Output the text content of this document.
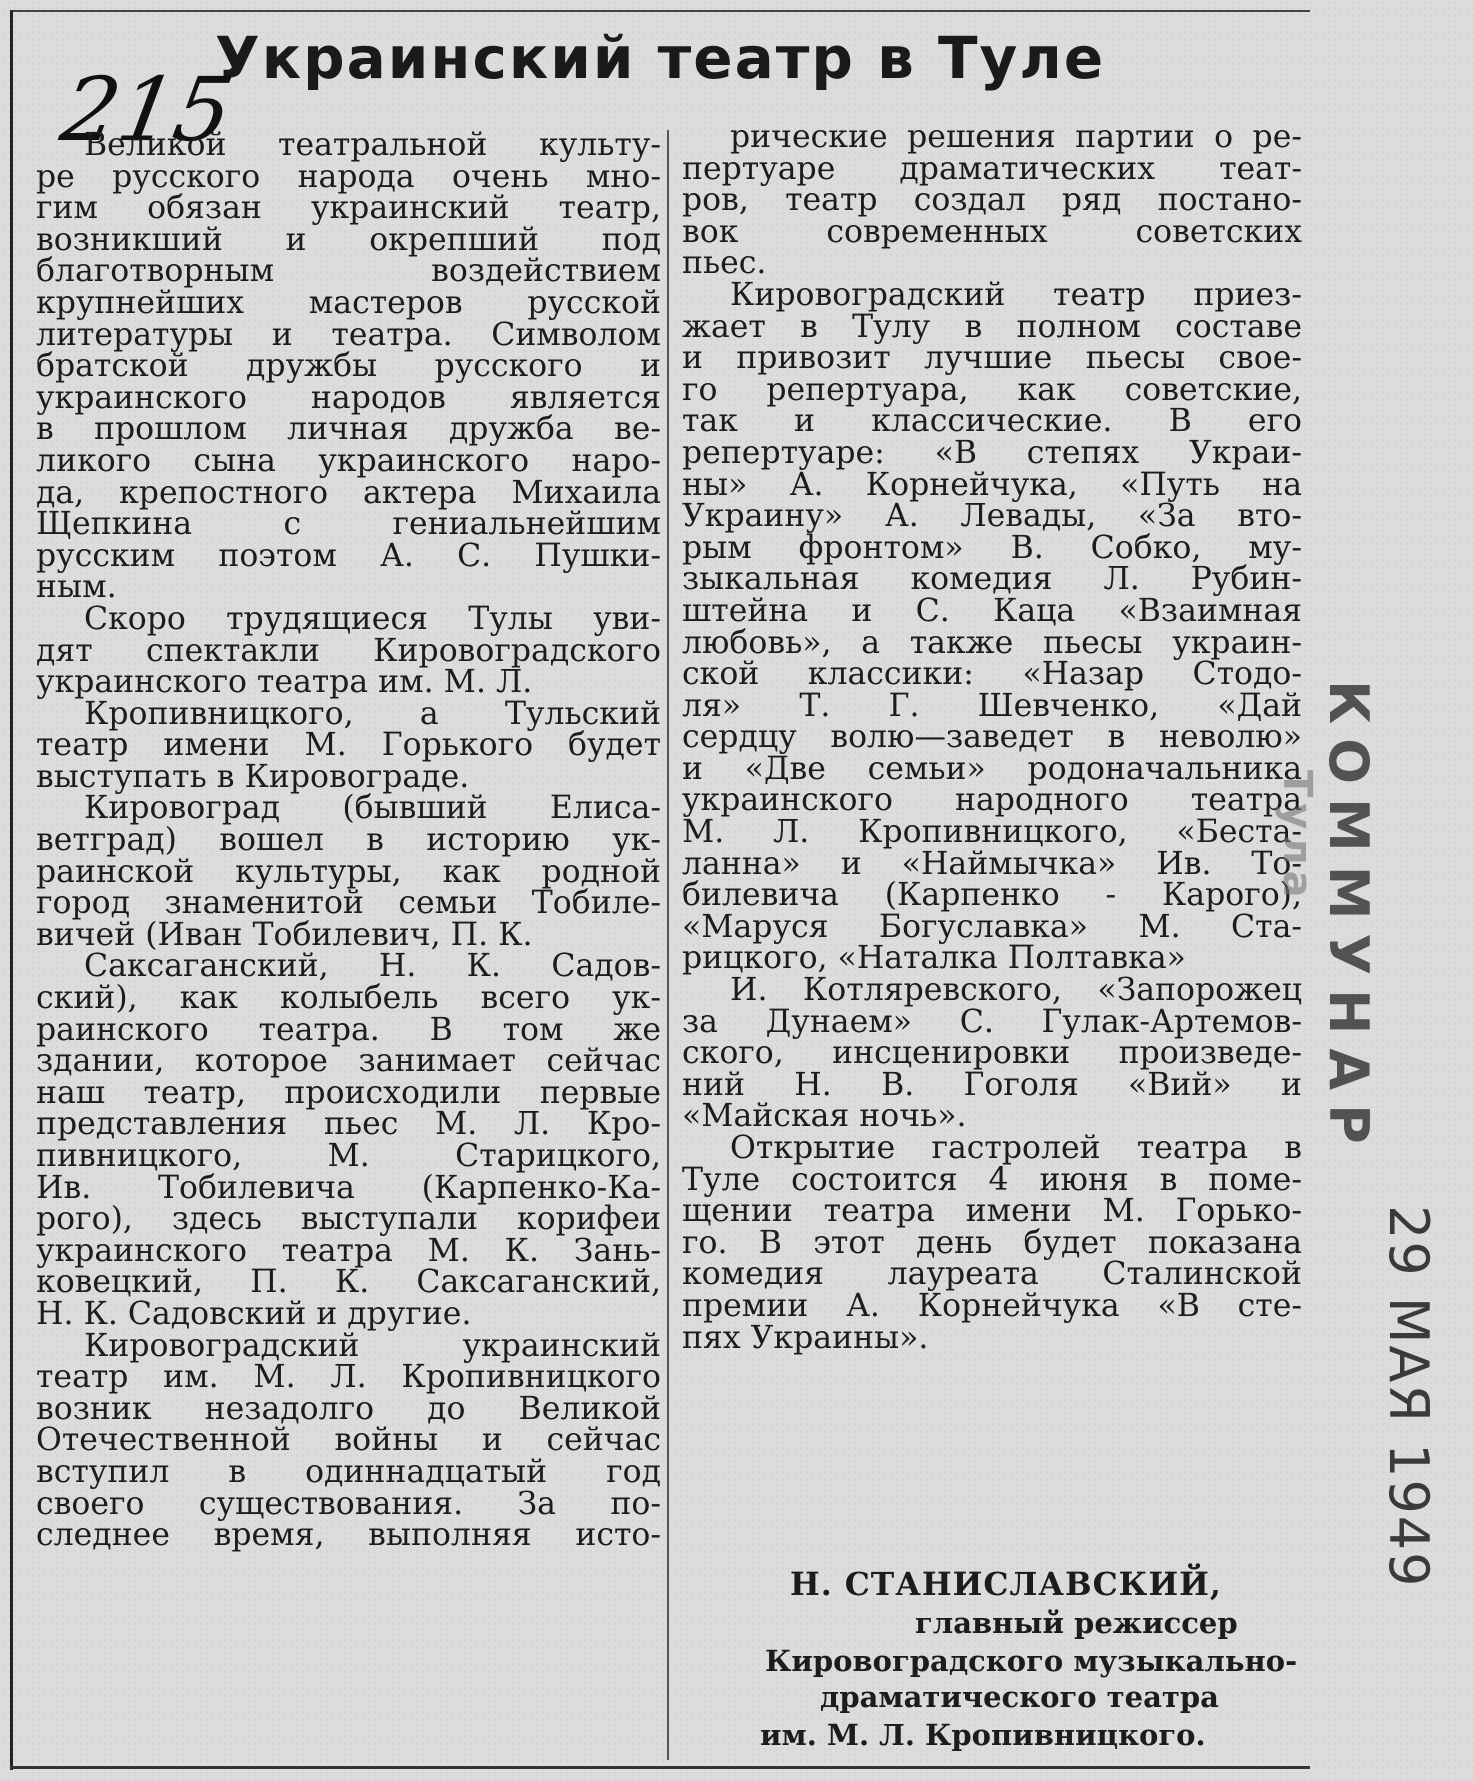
Украинский театр в Туле
215
Великой театральной культу-
ре русского народа очень мно-
гим обязан украинский театр,
возникший и окрепший под
благотворным воздействием
крупнейших мастеров русской
литературы и театра. Символом
братской дружбы русского и
украинского народов является
в прошлом личная дружба ве-
ликого сына украинского наро-
да, крепостного актера Михаила
Щепкина с гениальнейшим
русским поэтом А. С. Пушки-
ным.
Скоро трудящиеся Тулы уви-
дят спектакли Кировоградского
украинского театра им. М. Л.
Кропивницкого, а Тульский
театр имени М. Горького будет
выступать в Кировограде.
Кировоград (бывший Елиса-
ветград) вошел в историю ук-
раинской культуры, как родной
город знаменитой семьи Тобиле-
вичей (Иван Тобилевич, П. К.
Саксаганский, Н. К. Садов-
ский), как колыбель всего ук-
раинского театра. В том же
здании, которое занимает сейчас
наш театр, происходили первые
представления пьес М. Л. Кро-
пивницкого, М. Старицкого,
Ив. Тобилевича (Карпенко-Ка-
рого), здесь выступали корифеи
украинского театра М. К. Зань-
ковецкий, П. К. Саксаганский,
Н. К. Садовский и другие.
Кировоградский украинский
театр им. М. Л. Кропивницкого
возник незадолго до Великой
Отечественной войны и сейчас
вступил в одиннадцатый год
своего существования. За по-
следнее время, выполняя исто-
рические решения партии о ре-
пертуаре драматических теат-
ров, театр создал ряд постано-
вок современных советских
пьес.
Кировоградский театр приез-
жает в Тулу в полном составе
и привозит лучшие пьесы свое-
го репертуара, как советские,
так и классические. В его
репертуаре: «В степях Украи-
ны» А. Корнейчука, «Путь на
Украину» А. Левады, «За вто-
рым фронтом» В. Собко, му-
зыкальная комедия Л. Рубин-
штейна и С. Каца «Взаимная
любовь», а также пьесы украин-
ской классики: «Назар Стодо-
ля» Т. Г. Шевченко, «Дай
сердцу волю—заведет в неволю»
и «Две семьи» родоначальника
украинского народного театра
М. Л. Кропивницкого, «Беста-
ланна» и «Наймычка» Ив. То-
билевича (Карпенко - Карого),
«Маруся Богуславка» М. Ста-
рицкого, «Наталка Полтавка»
И. Котляревского, «Запорожец
за Дунаем» С. Гулак-Артемов-
ского, инсценировки произведе-
ний Н. В. Гоголя «Вий» и
«Майская ночь».
Открытие гастролей театра в
Туле состоится 4 июня в поме-
щении театра имени М. Горько-
го. В этот день будет показана
комедия лауреата Сталинской
премии А. Корнейчука «В сте-
пях Украины».
Н. СТАНИСЛАВСКИЙ,
главный режиссер
Кировоградского музыкально-
драматического театра
им. М. Л. Кропивницкого.
КОММУНАР
Тула
29 МАЯ 1949
